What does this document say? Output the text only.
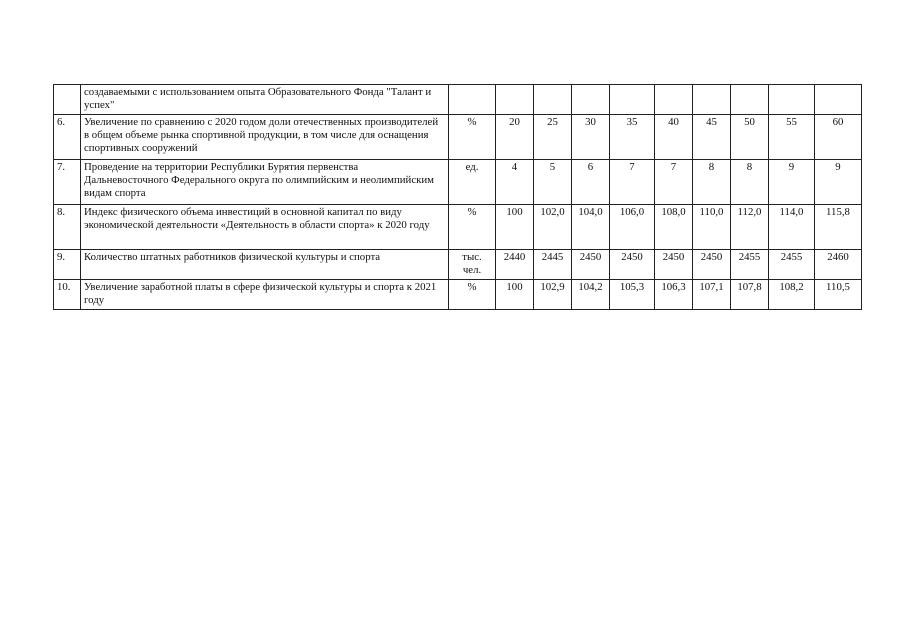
	создаваемыми с использованием опыта Образовательного Фонда "Талант и успех"										
6.	Увеличение по сравнению с 2020 годом доли отечественных производителей в общем объеме рынка спортивной продукции, в том числе для оснащения спортивных сооружений	%	20	25	30	35	40	45	50	55	60
7.	Проведение на территории Республики Бурятия первенства Дальневосточного Федерального округа по олимпийским и неолимпийским видам спорта	ед.	4	5	6	7	7	8	8	9	9
8.	Индекс физического объема инвестиций в основной капитал по виду экономической деятельности «Деятельность в области спорта» к 2020 году	%	100	102,0	104,0	106,0	108,0	110,0	112,0	114,0	115,8
9.	Количество штатных работников физической культуры и спорта	тыс. чел.	2440	2445	2450	2450	2450	2450	2455	2455	2460
10.	Увеличение заработной платы в сфере физической культуры и спорта к 2021 году	%	100	102,9	104,2	105,3	106,3	107,1	107,8	108,2	110,5
